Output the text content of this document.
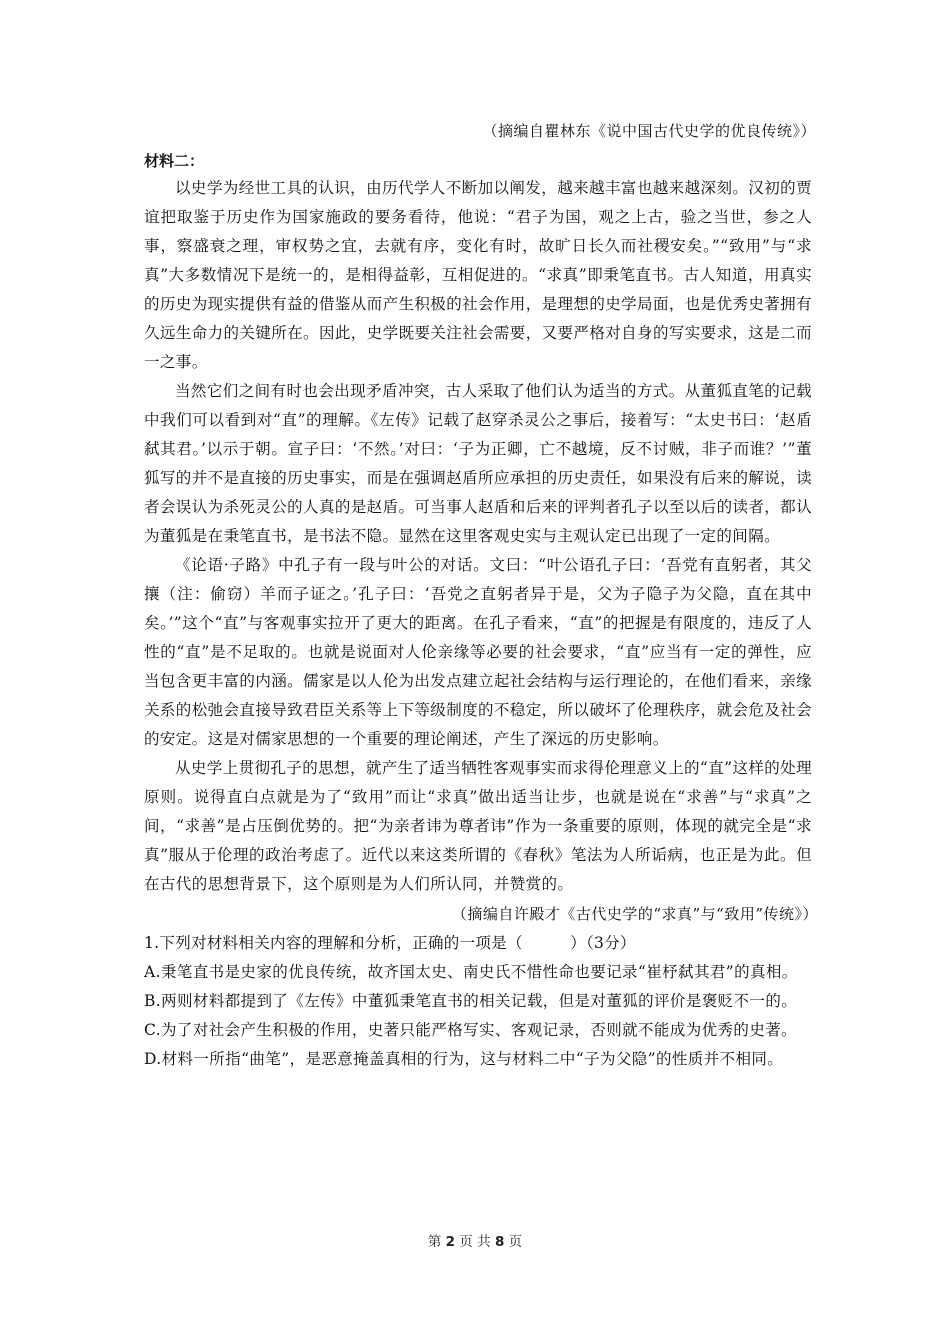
（摘编自瞿林东《说中国古代史学的优良传统》）
材料二：

以史学为经世工具的认识，由历代学人不断加以阐发，越来越丰富也越来越深刻。汉初的贾谊把取鉴于历史作为国家施政的要务看待，他说：“君子为国，观之上古，验之当世，参之人事，察盛衰之理，审权势之宜，去就有序，变化有时，故旷日长久而社稷安矣。”“致用”与“求真”大多数情况下是统一的，是相得益彰，互相促进的。“求真”即秉笔直书。古人知道，用真实的历史为现实提供有益的借鉴从而产生积极的社会作用，是理想的史学局面，也是优秀史著拥有久远生命力的关键所在。因此，史学既要关注社会需要，又要严格对自身的写实要求，这是二而一之事。

当然它们之间有时也会出现矛盾冲突，古人采取了他们认为适当的方式。从董狐直笔的记载中我们可以看到对“直”的理解。《左传》记载了赵穿杀灵公之事后，接着写：“太史书曰：‘赵盾弑其君。’以示于朝。宣子曰：‘不然。’对曰：‘子为正卿，亡不越境，反不讨贼，非子而谁？’”董狐写的并不是直接的历史事实，而是在强调赵盾所应承担的历史责任，如果没有后来的解说，读者会误认为杀死灵公的人真的是赵盾。可当事人赵盾和后来的评判者孔子以至以后的读者，都认为董狐是在秉笔直书，是书法不隐。显然在这里客观史实与主观认定已出现了一定的间隔。

《论语·子路》中孔子有一段与叶公的对话。文曰：“叶公语孔子曰：‘吾党有直躬者，其父攘（注：偷窃）羊而子证之。’孔子曰：‘吾党之直躬者异于是，父为子隐子为父隐，直在其中矣。’”这个“直”与客观事实拉开了更大的距离。在孔子看来，“直”的把握是有限度的，违反了人性的“直”是不足取的。也就是说面对人伦亲缘等必要的社会要求，“直”应当有一定的弹性，应当包含更丰富的内涵。儒家是以人伦为出发点建立起社会结构与运行理论的，在他们看来，亲缘关系的松弛会直接导致君臣关系等上下等级制度的不稳定，所以破坏了伦理秩序，就会危及社会的安定。这是对儒家思想的一个重要的理论阐述，产生了深远的历史影响。

从史学上贯彻孔子的思想，就产生了适当牺牲客观事实而求得伦理意义上的“直”这样的处理原则。说得直白点就是为了“致用”而让“求真”做出适当让步，也就是说在“求善”与“求真”之间，“求善”是占压倒优势的。把“为亲者讳为尊者讳”作为一条重要的原则，体现的就完全是“求真”服从于伦理的政治考虑了。近代以来这类所谓的《春秋》笔法为人所诟病，也正是为此。但在古代的思想背景下，这个原则是为人们所认同，并赞赏的。

（摘编自许殿才《古代史学的“求真”与“致用”传统》）
1.下列对材料相关内容的理解和分析，正确的一项是（　　　）（3分）
A.秉笔直书是史家的优良传统，故齐国太史、南史氏不惜性命也要记录“崔杼弑其君”的真相。
B.两则材料都提到了《左传》中董狐秉笔直书的相关记载，但是对董狐的评价是褒贬不一的。
C.为了对社会产生积极的作用，史著只能严格写实、客观记录，否则就不能成为优秀的史著。
D.材料一所指“曲笔”，是恶意掩盖真相的行为，这与材料二中“子为父隐”的性质并不相同。
第 2 页 共 8 页
